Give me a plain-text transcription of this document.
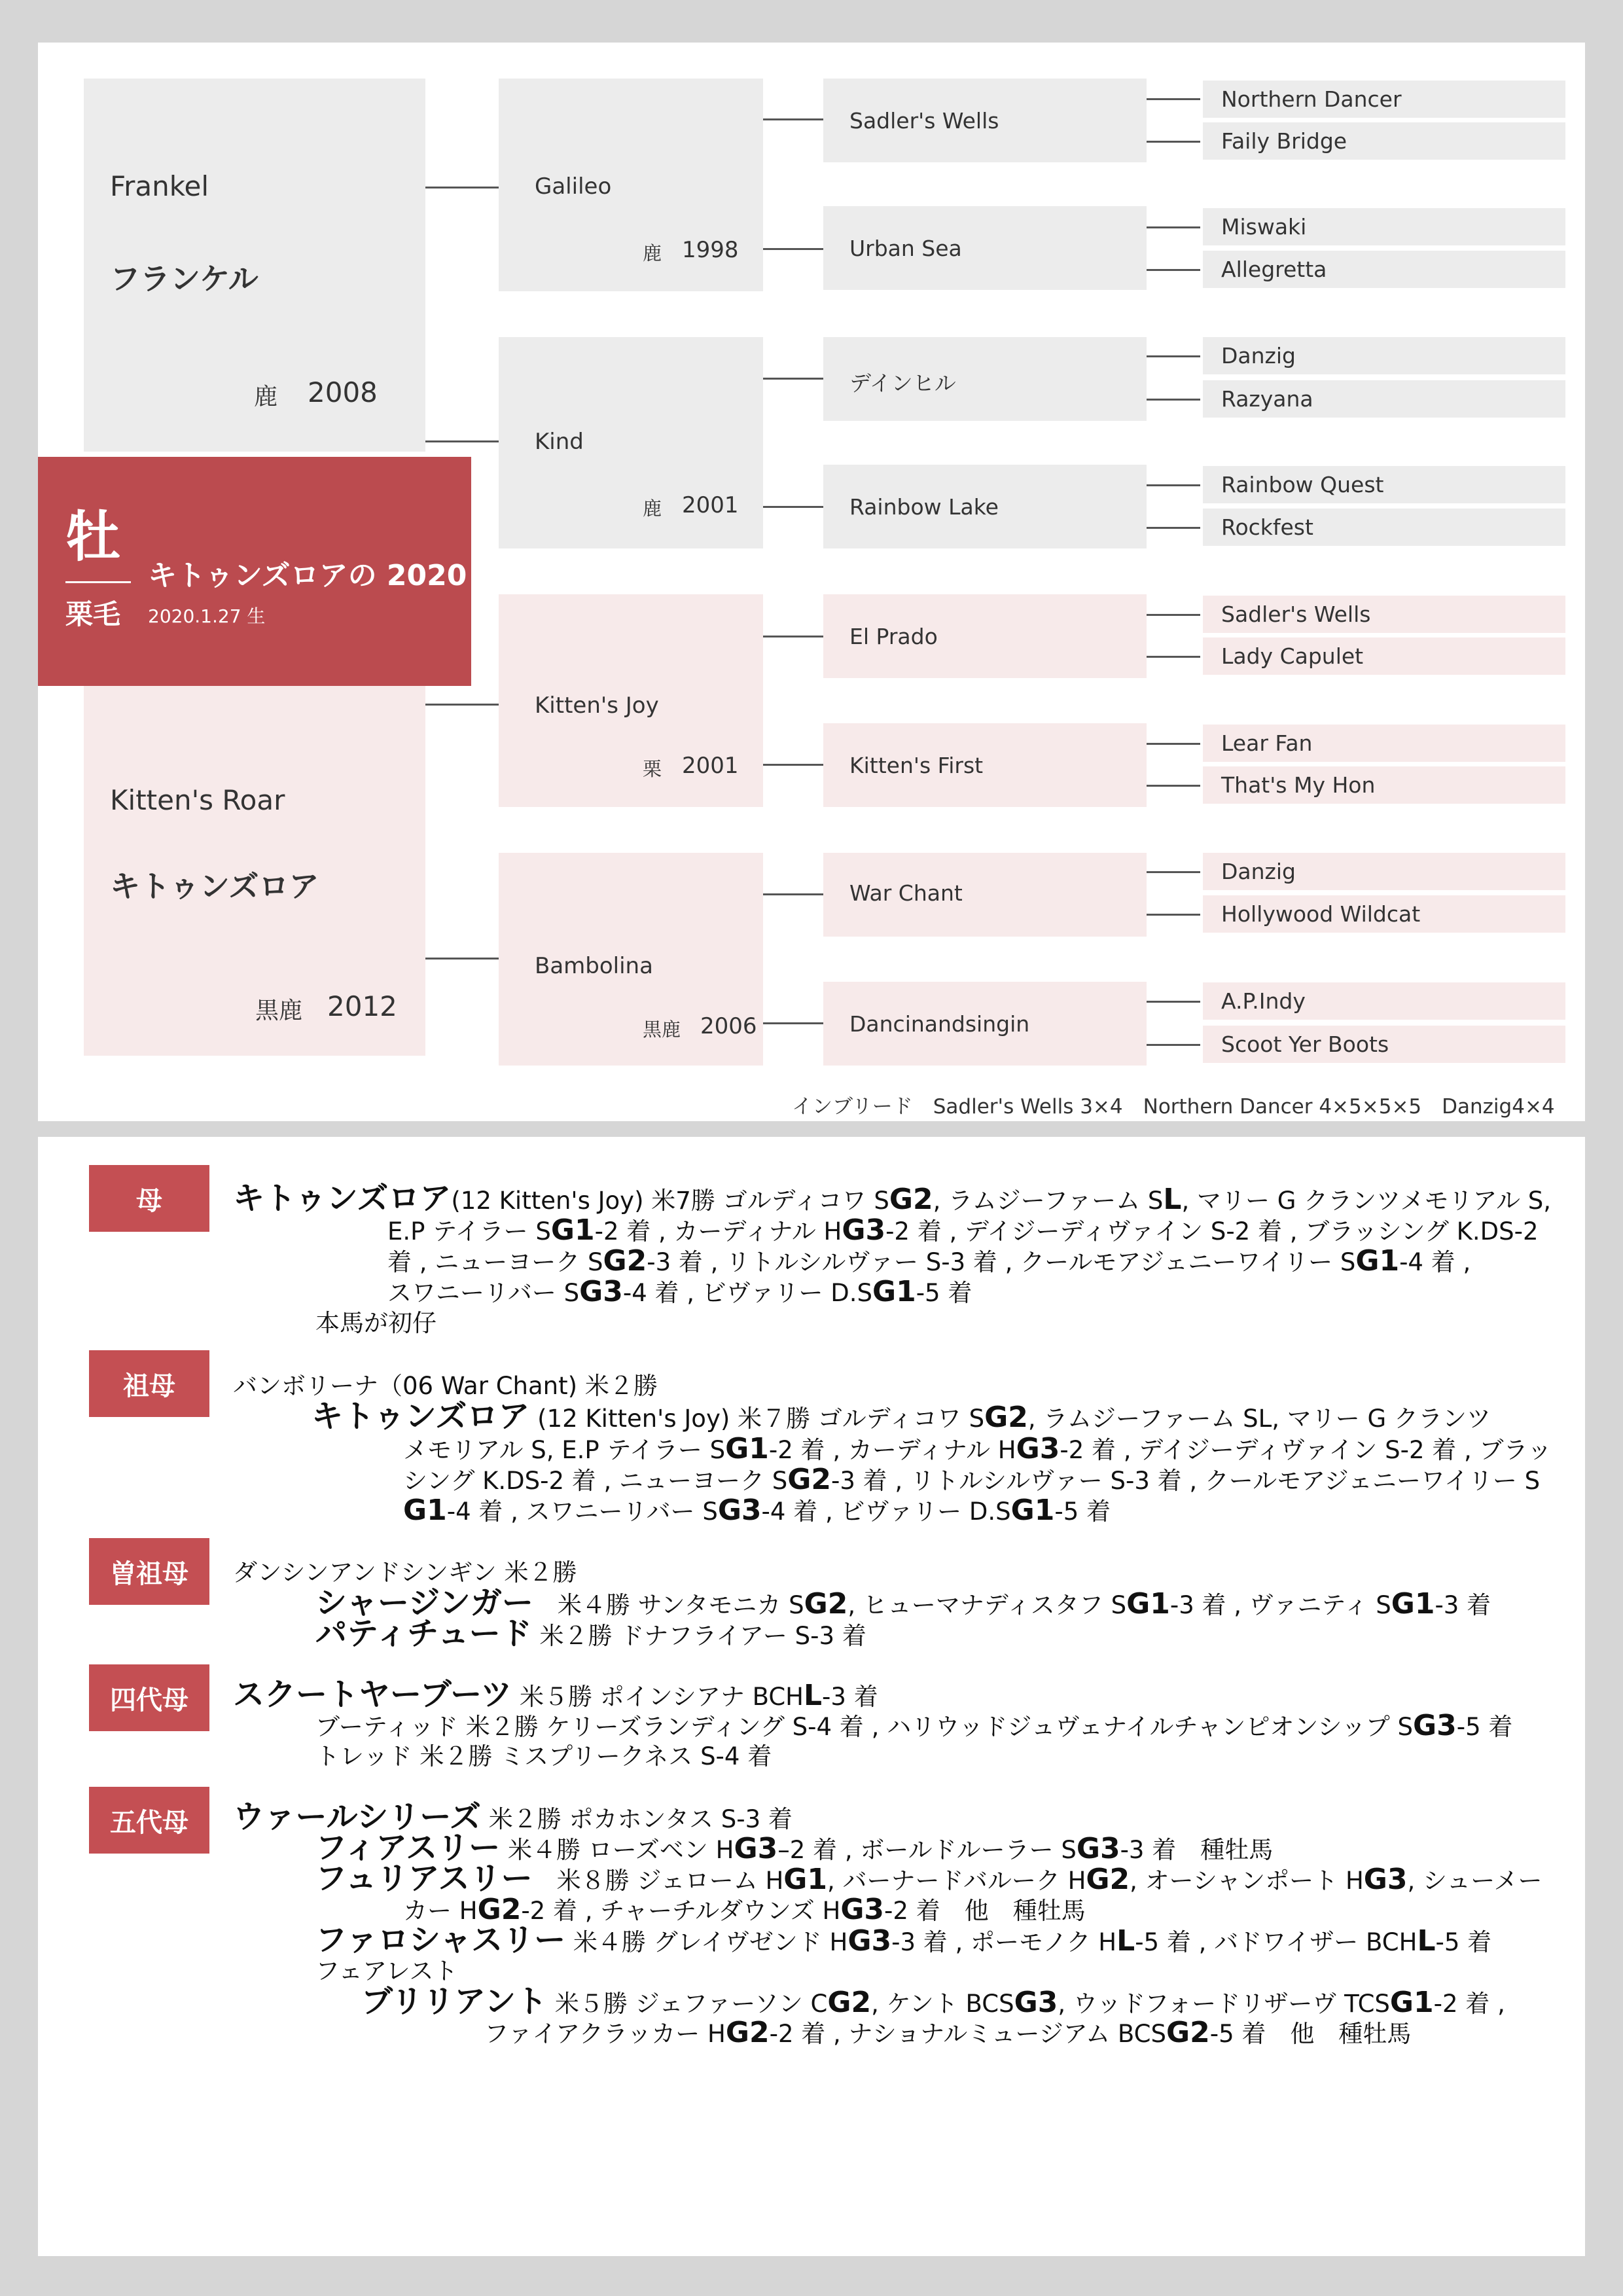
Frankel
フランケル
鹿 2008
Kitten's Roar
キトゥンズロア
黒鹿 2012
Galileo
鹿 1998
Kind
鹿 2001
Kitten's Joy
栗 2001
Bambolina
黒鹿 2006
Sadler's Wells
Urban Sea
デインヒル
Rainbow Lake
El Prado
Kitten's First
War Chant
Dancinandsingin
Northern Dancer
Faily Bridge
Miswaki
Allegretta
Danzig
Razyana
Rainbow Quest
Rockfest
Sadler's Wells
Lady Capulet
Lear Fan
That's My Hon
Danzig
Hollywood Wildcat
A.P.Indy
Scoot Yer Boots
インブリード　Sadler's Wells 3×4　Northern Dancer 4×5×5×5　Danzig4×4
牡
栗毛
キトゥンズロアの 2020
2020.1.27 生
母
祖母
曽祖母
四代母
五代母
キトゥンズロア(12 Kitten's Joy) 米7勝 ゴルディコワ SG2, ラムジーファーム SL, マリー G クランツメモリアル S,
E.P テイラー SG1-2 着 , カーディナル HG3-2 着 , デイジーディヴァイン S-2 着 , ブラッシング K.DS-2
着 , ニューヨーク SG2-3 着 , リトルシルヴァー S-3 着 , クールモアジェニーワイリー SG1-4 着 ,
スワニーリバー SG3-4 着 , ビヴァリー D.SG1-5 着
本馬が初仔
バンボリーナ（06 War Chant) 米２勝
キトゥンズロア (12 Kitten's Joy) 米７勝 ゴルディコワ SG2, ラムジーファーム SL, マリー G クランツ
メモリアル S, E.P テイラー SG1-2 着 , カーディナル HG3-2 着 , デイジーディヴァイン S-2 着 , ブラッ
シング K.DS-2 着 , ニューヨーク SG2-3 着 , リトルシルヴァー S-3 着 , クールモアジェニーワイリー S
G1-4 着 , スワニーリバー SG3-4 着 , ビヴァリー D.SG1-5 着
ダンシンアンドシンギン 米２勝
シャージンガー　米４勝 サンタモニカ SG2, ヒューマナディスタフ SG1-3 着 , ヴァニティ SG1-3 着
パティチュード 米２勝 ドナフライアー S-3 着
スクートヤーブーツ 米５勝 ポインシアナ BCHL-3 着
ブーティッド 米２勝 ケリーズランディング S-4 着 , ハリウッドジュヴェナイルチャンピオンシップ SG3-5 着
トレッド 米２勝 ミスプリークネス S-4 着
ウァールシリーズ 米２勝 ポカホンタス S-3 着
フィアスリー 米４勝 ローズベン HG3–2 着 , ボールドルーラー SG3-3 着　種牡馬
フュリアスリー　米８勝 ジェローム HG1, バーナードバルーク HG2, オーシャンポート HG3, シューメー
カー HG2-2 着 , チャーチルダウンズ HG3-2 着　他　種牡馬
ファロシャスリー 米４勝 グレイヴゼンド HG3-3 着 , ポーモノク HL-5 着 , バドワイザー BCHL-5 着
フェアレスト
ブリリアント 米５勝 ジェファーソン CG2, ケント BCSG3, ウッドフォードリザーヴ TCSG1-2 着 ,
ファイアクラッカー HG2-2 着 , ナショナルミュージアム BCSG2-5 着　他　種牡馬
